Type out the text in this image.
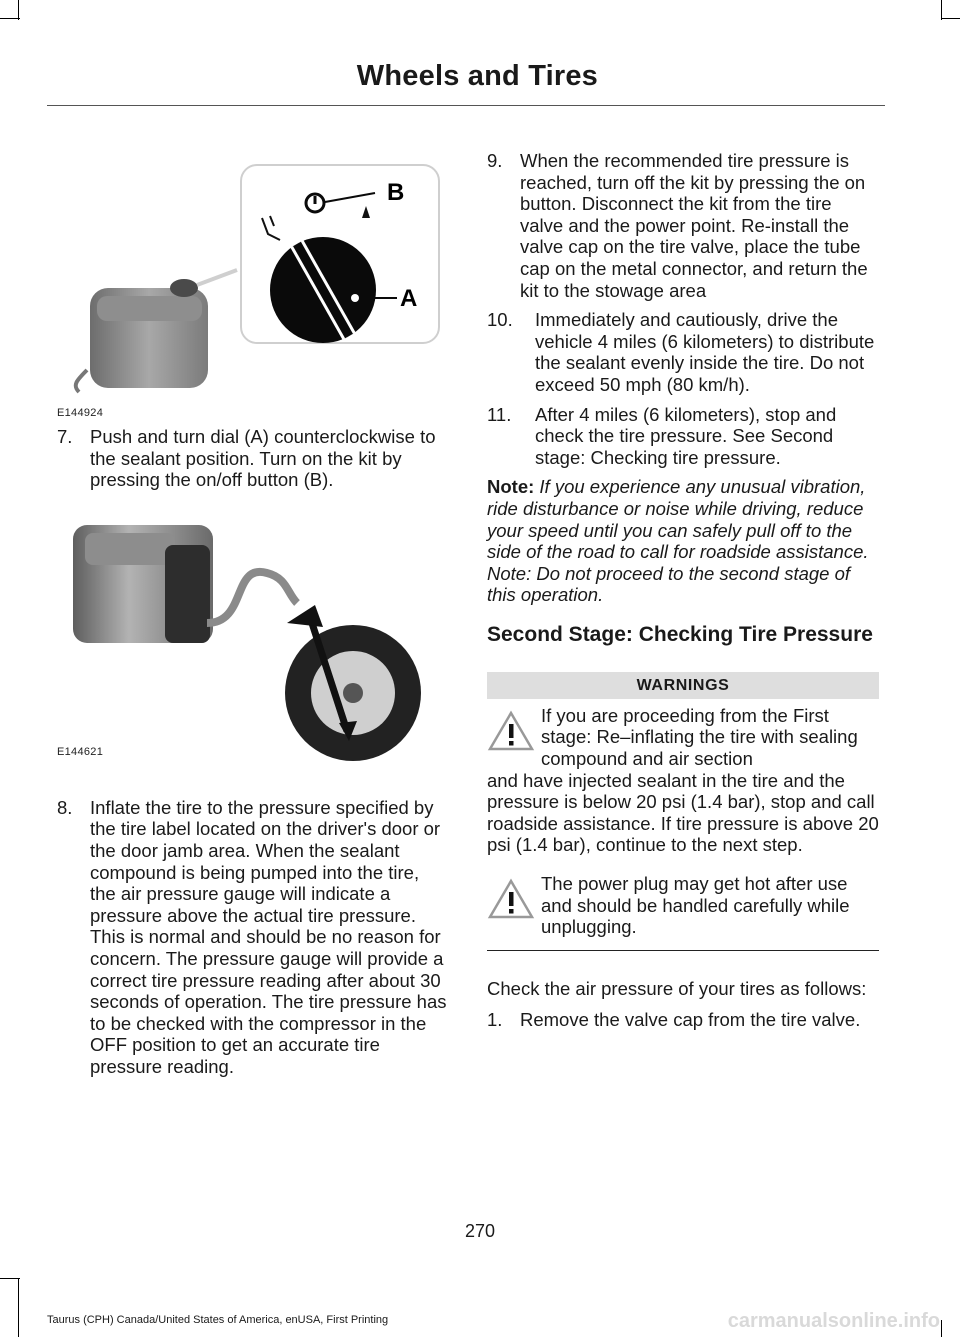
Wheels and Tires
B
A
E144924
7. Push and turn dial (A) counterclockwise to the sealant position. Turn on the kit by pressing the on/off button (B).
E144621
8. Inflate the tire to the pressure specified by the tire label located on the driver's door or the door jamb area. When the sealant compound is being pumped into the tire, the air pressure gauge will indicate a pressure above the actual tire pressure. This is normal and should be no reason for concern. The pressure gauge will provide a correct tire pressure reading after about 30 seconds of operation. The tire pressure has to be checked with the compressor in the OFF position to get an accurate tire pressure reading.
9. When the recommended tire pressure is reached, turn off the kit by pressing the on button. Disconnect the kit from the tire valve and the power point. Re-install the valve cap on the tire valve, place the tube cap on the metal connector, and return the kit to the stowage area
10. Immediately and cautiously, drive the vehicle 4 miles (6 kilometers) to distribute the sealant evenly inside the tire. Do not exceed 50 mph (80 km/h).
11. After 4 miles (6 kilometers), stop and check the tire pressure. See Second stage: Checking tire pressure.

Note: If you experience any unusual vibration, ride disturbance or noise while driving, reduce your speed until you can safely pull off to the side of the road to call for roadside assistance. Note: Do not proceed to the second stage of this operation.

Second Stage: Checking Tire Pressure
WARNINGS
If you are proceeding from the First stage: Re–inflating the tire with sealing compound and air section
and have injected sealant in the tire and the pressure is below 20 psi (1.4 bar), stop and call roadside assistance. If tire pressure is above 20 psi (1.4 bar), continue to the next step.
The power plug may get hot after use and should be handled carefully while unplugging.

Check the air pressure of your tires as follows:

1. Remove the valve cap from the tire valve.
270
Taurus (CPH) Canada/United States of America, enUSA, First Printing	carmanualsonline.info
